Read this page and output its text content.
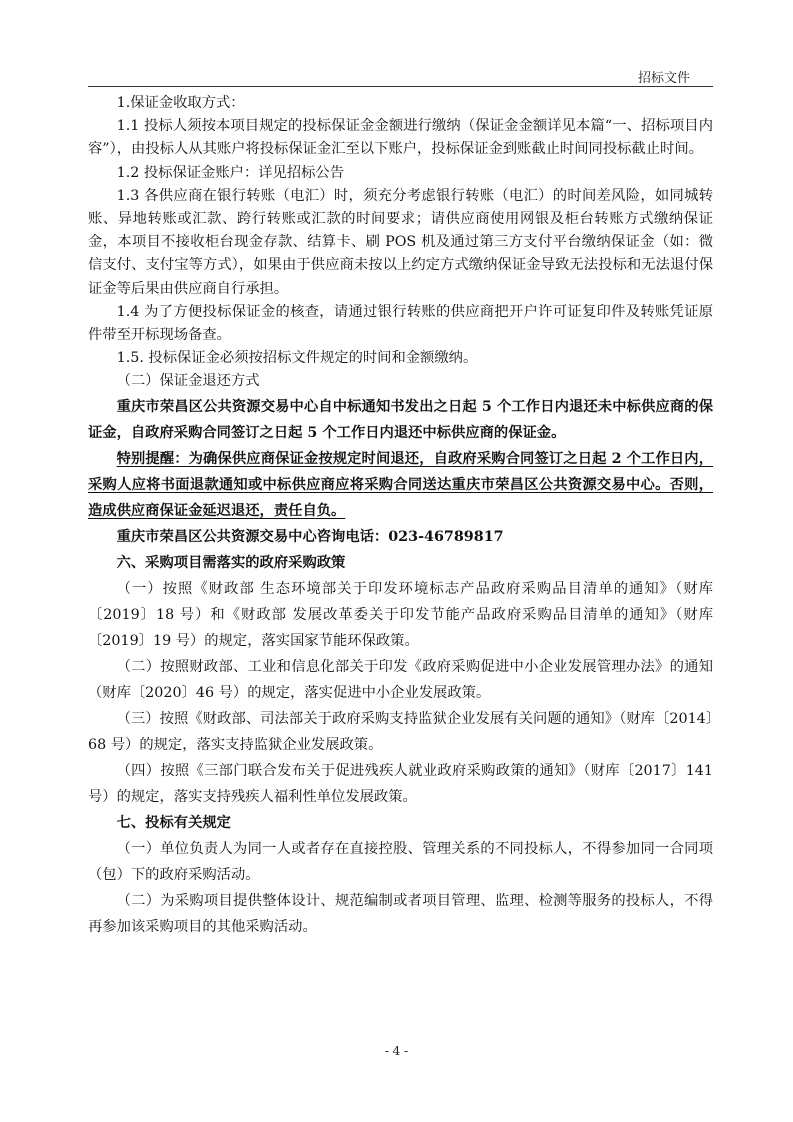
招标文件

1.保证金收取方式：

1.1 投标人须按本项目规定的投标保证金金额进行缴纳（保证金金额详见本篇“一、招标项目内容”），由投标人从其账户将投标保证金汇至以下账户，投标保证金到账截止时间同投标截止时间。

1.2 投标保证金账户：详见招标公告

1.3 各供应商在银行转账（电汇）时，须充分考虑银行转账（电汇）的时间差风险，如同城转账、异地转账或汇款、跨行转账或汇款的时间要求；请供应商使用网银及柜台转账方式缴纳保证金，本项目不接收柜台现金存款、结算卡、刷 POS 机及通过第三方支付平台缴纳保证金（如：微信支付、支付宝等方式），如果由于供应商未按以上约定方式缴纳保证金导致无法投标和无法退付保证金等后果由供应商自行承担。

1.4 为了方便投标保证金的核查，请通过银行转账的供应商把开户许可证复印件及转账凭证原件带至开标现场备查。

1.5. 投标保证金必须按招标文件规定的时间和金额缴纳。

（二）保证金退还方式

重庆市荣昌区公共资源交易中心自中标通知书发出之日起 5 个工作日内退还未中标供应商的保证金，自政府采购合同签订之日起 5 个工作日内退还中标供应商的保证金。

特别提醒：为确保供应商保证金按规定时间退还，自政府采购合同签订之日起 2 个工作日内，采购人应将书面退款通知或中标供应商应将采购合同送达重庆市荣昌区公共资源交易中心。否则，造成供应商保证金延迟退还，责任自负。

重庆市荣昌区公共资源交易中心咨询电话：023-46789817

六、采购项目需落实的政府采购政策

（一）按照《财政部 生态环境部关于印发环境标志产品政府采购品目清单的通知》（财库〔2019〕18 号）和《财政部 发展改革委关于印发节能产品政府采购品目清单的通知》（财库〔2019〕19 号）的规定，落实国家节能环保政策。

（二）按照财政部、工业和信息化部关于印发《政府采购促进中小企业发展管理办法》的通知（财库〔2020〕46 号）的规定，落实促进中小企业发展政策。

（三）按照《财政部、司法部关于政府采购支持监狱企业发展有关问题的通知》（财库〔2014〕68 号）的规定，落实支持监狱企业发展政策。

（四）按照《三部门联合发布关于促进残疾人就业政府采购政策的通知》（财库〔2017〕141 号）的规定，落实支持残疾人福利性单位发展政策。

七、投标有关规定

（一）单位负责人为同一人或者存在直接控股、管理关系的不同投标人，不得参加同一合同项（包）下的政府采购活动。

（二）为采购项目提供整体设计、规范编制或者项目管理、监理、检测等服务的投标人，不得再参加该采购项目的其他采购活动。

- 4 -
